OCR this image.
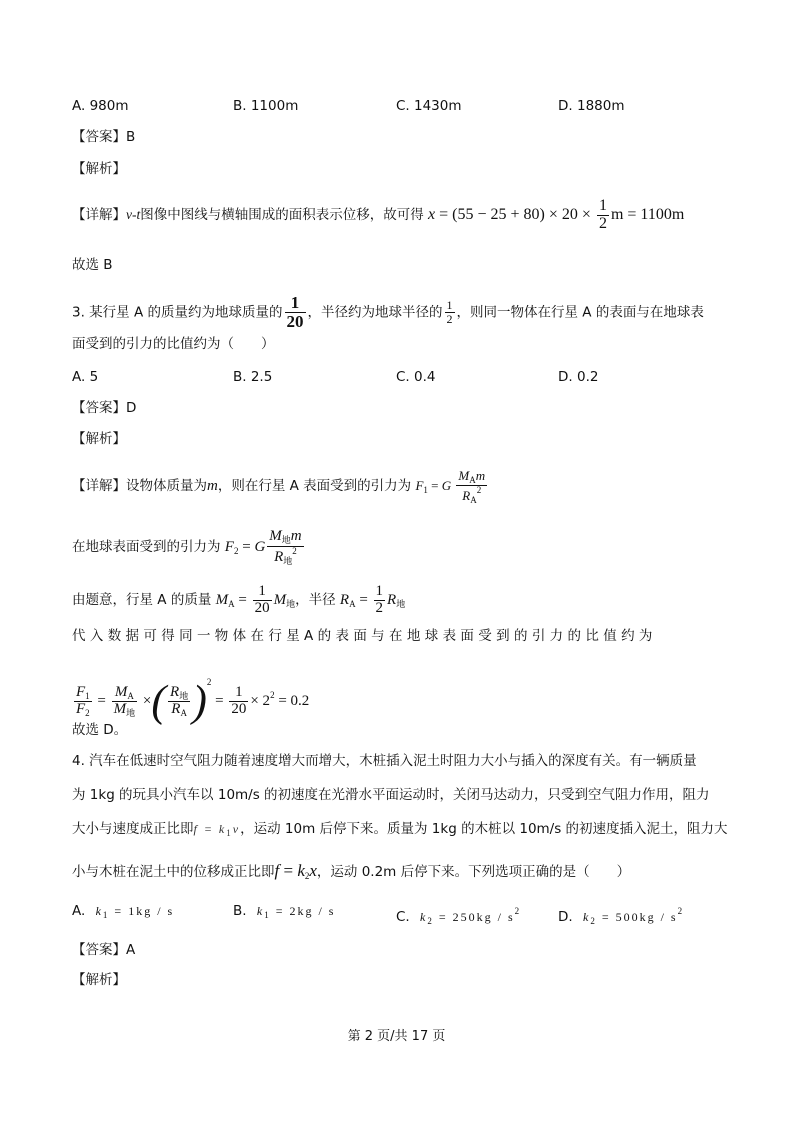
A. 980m	B. 1100m	C. 1430m	D. 1880m
【答案】B
【解析】
【详解】v-t图像中图线与横轴围成的面积表示位移，故可得 $x = (55 - 25 + 80) \times 20 \times \frac{1}{2}$ m = 1100m
故选 B
3. 某行星 A 的质量约为地球质量的 $\frac{1}{20}$ ，半径约为地球半径的 $\frac{1}{2}$ ，则同一物体在行星 A 的表面与在地球表
面受到的引力的比值约为（　　）
A. 5	B. 2.5	C. 0.4	D. 0.2
【答案】D
【解析】
【详解】设物体质量为m，则在行星 A 表面受到的引力为 $F_1 = G \frac{M_Am}{R_A^2}$
在地球表面受到的引力为 $F_2 = G \frac{M_地m}{R_地^2}$
由题意，行星 A 的质量 $M_A = \frac{1}{20} M_地$，半径 $R_A = \frac{1}{2} R_地$
代入数据可得同一物体在行星A的表面与在地球表面受到的引力的比值约为
$\frac{F_1}{F_2} = \frac{M_A}{M_地}$ ×( $\frac{R_地}{R_A} )^2 = \frac{1}{20} \times 2^2 = 0.2$
故选 D。
4. 汽车在低速时空气阻力随着速度增大而增大，木桩插入泥土时阻力大小与插入的深度有关。有一辆质量
为 1kg 的玩具小汽车以 10m/s 的初速度在光滑水平面运动时，关闭马达动力，只受到空气阻力作用，阻力
大小与速度成正比即$f = k_1v$，运动 10m 后停下来。质量为 1kg 的木桩以 10m/s 的初速度插入泥土，阻力大
小与木桩在泥土中的位移成正比即$f = k_2x$，运动 0.2m 后停下来。下列选项正确的是（　　）
A. $k_1 = 1kg / s$	B. $k_1 = 2kg / s$	C. $k_2 = 250kg / s^2$	D. $k_2 = 500kg / s^2$
【答案】A
【解析】
第 2 页/共 17 页
